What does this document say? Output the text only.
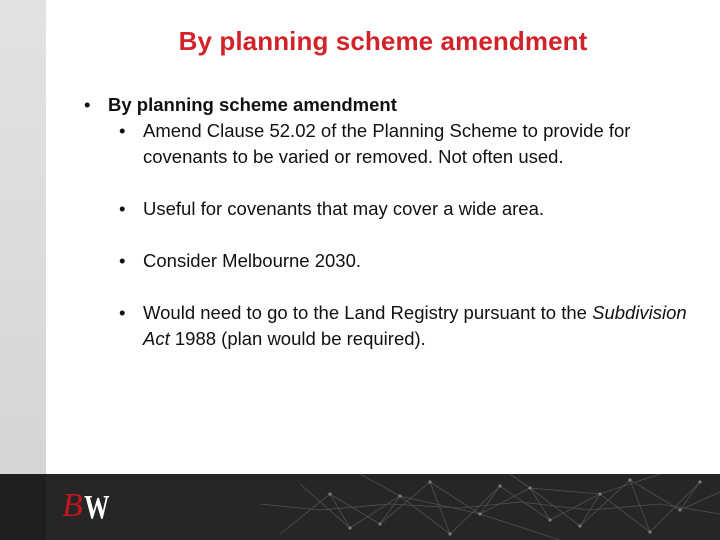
By planning scheme amendment
• By planning scheme amendment
• Amend Clause 52.02 of the Planning Scheme to provide for covenants to be varied or removed. Not often used.
• Useful for covenants that may cover a wide area.
• Consider Melbourne 2030.
• Would need to go to the Land Registry pursuant to the Subdivision Act 1988 (plan would be required).
B W
